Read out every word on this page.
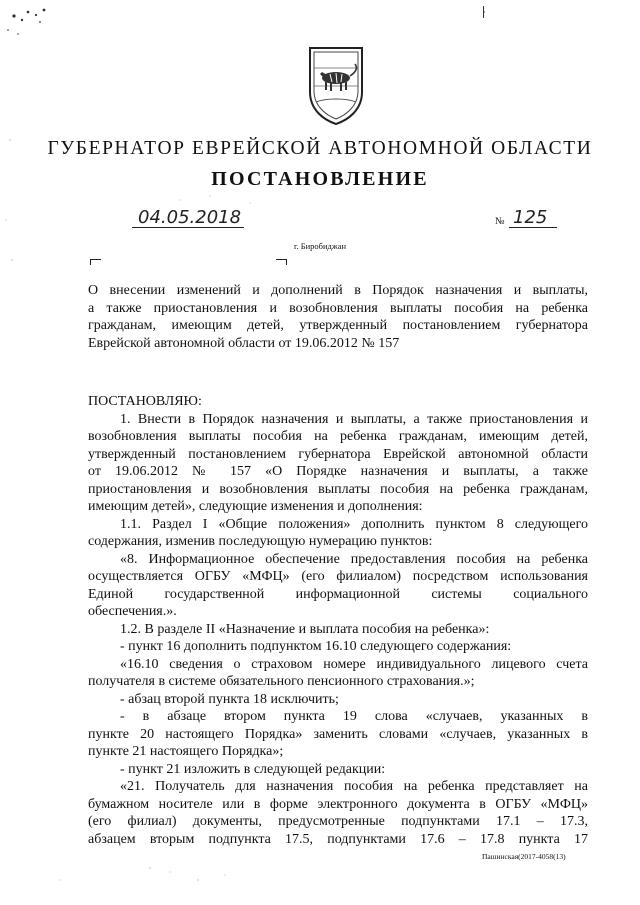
ГУБЕРНАТОР ЕВРЕЙСКОЙ АВТОНОМНОЙ ОБЛАСТИ
ПОСТАНОВЛЕНИЕ
04.05.2018	№ 125
г. Биробиджан
О внесении изменений и дополнений в Порядок назначения и выплаты,
а также приостановления и возобновления выплаты пособия на ребенка
гражданам, имеющим детей, утвержденный постановлением губернатора
Еврейской автономной области от 19.06.2012 № 157
ПОСТАНОВЛЯЮ:
1. Внести в Порядок назначения и выплаты, а также приостановления и
возобновления выплаты пособия на ребенка гражданам, имеющим детей,
утвержденный постановлением губернатора Еврейской автономной области
от 19.06.2012 № 157 «О Порядке назначения и выплаты, а также
приостановления и возобновления выплаты пособия на ребенка гражданам,
имеющим детей», следующие изменения и дополнения:
1.1. Раздел I «Общие положения» дополнить пунктом 8 следующего
содержания, изменив последующую нумерацию пунктов:
«8. Информационное обеспечение предоставления пособия на ребенка
осуществляется ОГБУ «МФЦ» (его филиалом) посредством использования
Единой государственной информационной системы социального
обеспечения.».
1.2. В разделе II «Назначение и выплата пособия на ребенка»:
- пункт 16 дополнить подпунктом 16.10 следующего содержания:
«16.10 сведения о страховом номере индивидуального лицевого счета
получателя в системе обязательного пенсионного страхования.»;
- абзац второй пункта 18 исключить;
- в абзаце втором пункта 19 слова «случаев, указанных в
пункте 20 настоящего Порядка» заменить словами «случаев, указанных в
пункте 21 настоящего Порядка»;
- пункт 21 изложить в следующей редакции:
«21. Получатель для назначения пособия на ребенка представляет на
бумажном носителе или в форме электронного документа в ОГБУ «МФЦ»
(его филиал) документы, предусмотренные подпунктами 17.1 – 17.3,
абзацем вторым подпункта 17.5, подпунктами 17.6 – 17.8 пункта 17
Пашинская(2017-4058(13)
